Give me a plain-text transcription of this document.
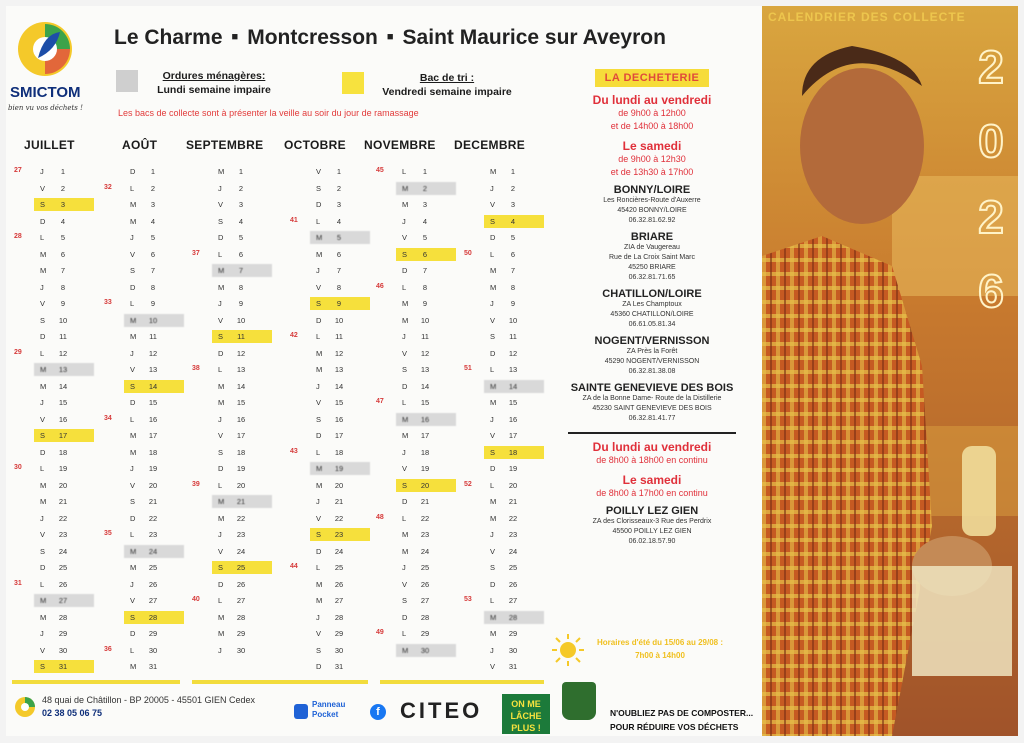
SMICTOM
bien vu vos déchets !
Le Charme ■ Montcresson ■ Saint Maurice sur Aveyron
Ordures ménagères:
Lundi semaine impaire
Bac de tri :
Vendredi semaine impaire
Les bacs de collecte sont à présenter la veille au soir du jour de ramassage
JUILLET
27	J	1
V	2
S	3
D	4
28	L	5
M	6
M	7
J	8
V	9
S	10
D	11
29	L	12
M	13
M	14
J	15
V	16
S	17
D	18
30	L	19
M	20
M	21
J	22
V	23
S	24
D	25
31	L	26
M	27
M	28
J	29
V	30
S	31
AOÛT
D	1
32	L	2
M	3
M	4
J	5
V	6
S	7
D	8
33	L	9
M	10
M	11
J	12
V	13
S	14
D	15
34	L	16
M	17
M	18
J	19
V	20
S	21
D	22
35	L	23
M	24
M	25
J	26
V	27
S	28
D	29
36	L	30
M	31
SEPTEMBRE
M	1
J	2
V	3
S	4
D	5
37	L	6
M	7
M	8
J	9
V	10
S	11
D	12
38	L	13
M	14
M	15
J	16
V	17
S	18
D	19
39	L	20
M	21
M	22
J	23
V	24
S	25
D	26
40	L	27
M	28
M	29
J	30
OCTOBRE
V	1
S	2
D	3
41	L	4
M	5
M	6
J	7
V	8
S	9
D	10
42	L	11
M	12
M	13
J	14
V	15
S	16
D	17
43	L	18
M	19
M	20
J	21
V	22
S	23
D	24
44	L	25
M	26
M	27
J	28
V	29
S	30
D	31
NOVEMBRE
45	L	1
M	2
M	3
J	4
V	5
S	6
D	7
46	L	8
M	9
M	10
J	11
V	12
S	13
D	14
47	L	15
M	16
M	17
J	18
V	19
S	20
D	21
48	L	22
M	23
M	24
J	25
V	26
S	27
D	28
49	L	29
M	30
DECEMBRE
M	1
J	2
V	3
S	4
D	5
50	L	6
M	7
M	8
J	9
V	10
S	11
D	12
51	L	13
M	14
M	15
J	16
V	17
S	18
D	19
52	L	20
M	21
M	22
J	23
V	24
S	25
D	26
53	L	27
M	28
M	29
J	30
V	31
LA DECHETERIE
Du lundi au vendredi
de 9h00 à 12h00
et de 14h00 à 18h00
Le samedi
de 9h00 à 12h30
et de 13h30 à 17h00
BONNY/LOIRE
Les Roncières-Route d'Auxerre
45420 BONNY/LOIRE
06.32.81.62.92
BRIARE
ZIA de Vaugereau
Rue de La Croix Saint Marc
45250 BRIARE
06.32.81.71.65
CHATILLON/LOIRE
ZA Les Champtoux
45360 CHATILLON/LOIRE
06.61.05.81.34
NOGENT/VERNISSON
ZA Près la Forêt
45290 NOGENT/VERNISSON
06.32.81.38.08
SAINTE GENEVIEVE DES BOIS
ZA de la Bonne Dame- Route de la Distillerie
45230 SAINT GENEVIEVE DES BOIS
06.32.81.41.77
Du lundi au vendredi
de 8h00 à 18h00 en continu
Le samedi
de 8h00 à 17h00 en continu
POILLY LEZ GIEN
ZA des Clorisseaux-3 Rue des Perdrix
45500 POILLY LEZ GIEN
06.02.18.57.90
Horaires d'été du 15/06 au 29/08 :
7h00 à 14h00
CALENDRIER DES COLLECTE
2
0
2
6
48 quai de Châtillon - BP 20005 - 45501 GIEN Cedex
02 38 05 06 75
Panneau
Pocket	f CITEO	ON ME LÂCHE PLUS !
N'OUBLIEZ PAS DE COMPOSTER...
POUR RÉDUIRE VOS DÉCHETS
